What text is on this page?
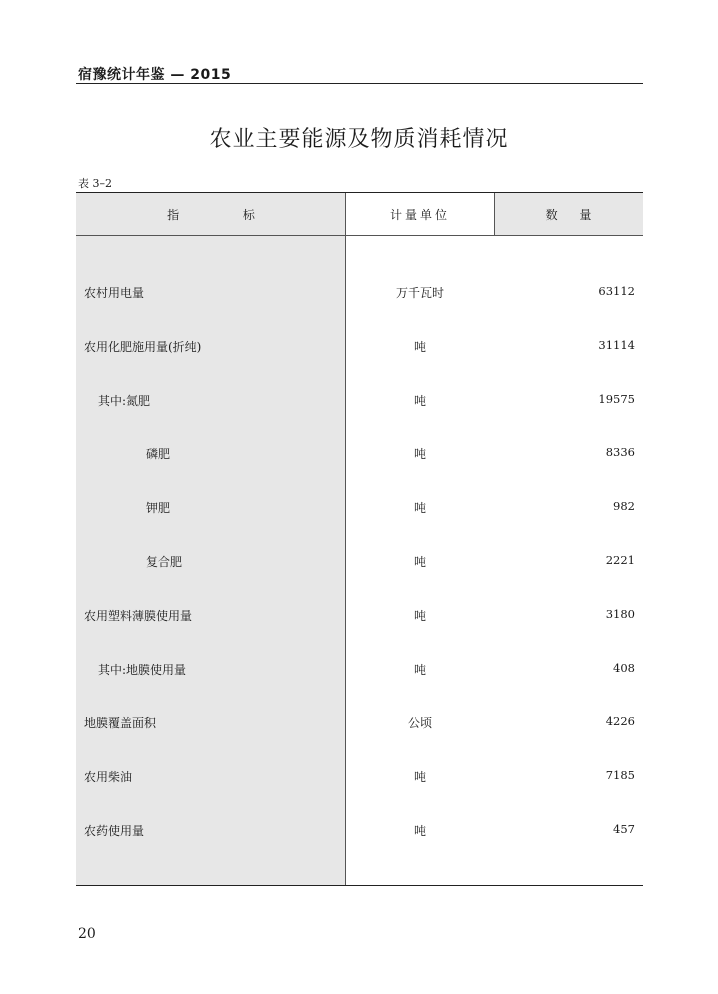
宿豫统计年鉴 — 2015
农业主要能源及物质消耗情况
表 3–2
指 标	计量单位	数 量
农村用电量	万千瓦时	63112
农用化肥施用量(折纯)	吨	31114
其中:氮肥	吨	19575
磷肥	吨	8336
钾肥	吨	982
复合肥	吨	2221
农用塑料薄膜使用量	吨	3180
其中:地膜使用量	吨	408
地膜覆盖面积	公顷	4226
农用柴油	吨	7185
农药使用量	吨	457
20
